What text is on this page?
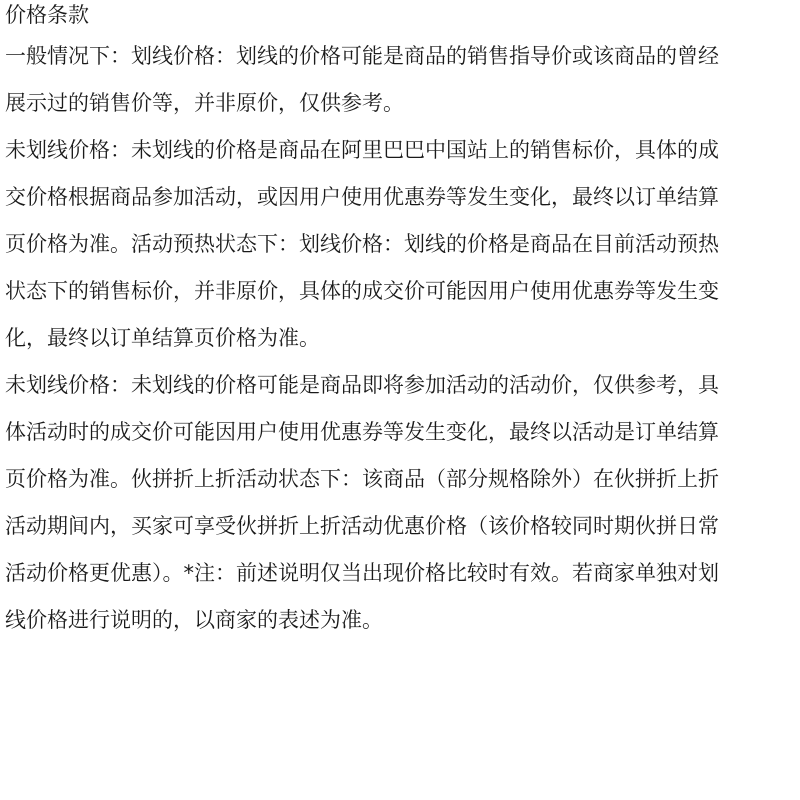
价格条款

一般情况下：划线价格：划线的价格可能是商品的销售指导价或该商品的曾经

展示过的销售价等，并非原价，仅供参考。

未划线价格：未划线的价格是商品在阿里巴巴中国站上的销售标价，具体的成

交价格根据商品参加活动，或因用户使用优惠券等发生变化，最终以订单结算

页价格为准。活动预热状态下：划线价格：划线的价格是商品在目前活动预热

状态下的销售标价，并非原价，具体的成交价可能因用户使用优惠券等发生变

化，最终以订单结算页价格为准。

未划线价格：未划线的价格可能是商品即将参加活动的活动价，仅供参考，具

体活动时的成交价可能因用户使用优惠券等发生变化，最终以活动是订单结算

页价格为准。伙拼折上折活动状态下：该商品（部分规格除外）在伙拼折上折

活动期间内，买家可享受伙拼折上折活动优惠价格（该价格较同时期伙拼日常

活动价格更优惠）。*注：前述说明仅当出现价格比较时有效。若商家单独对划

线价格进行说明的，以商家的表述为准。
